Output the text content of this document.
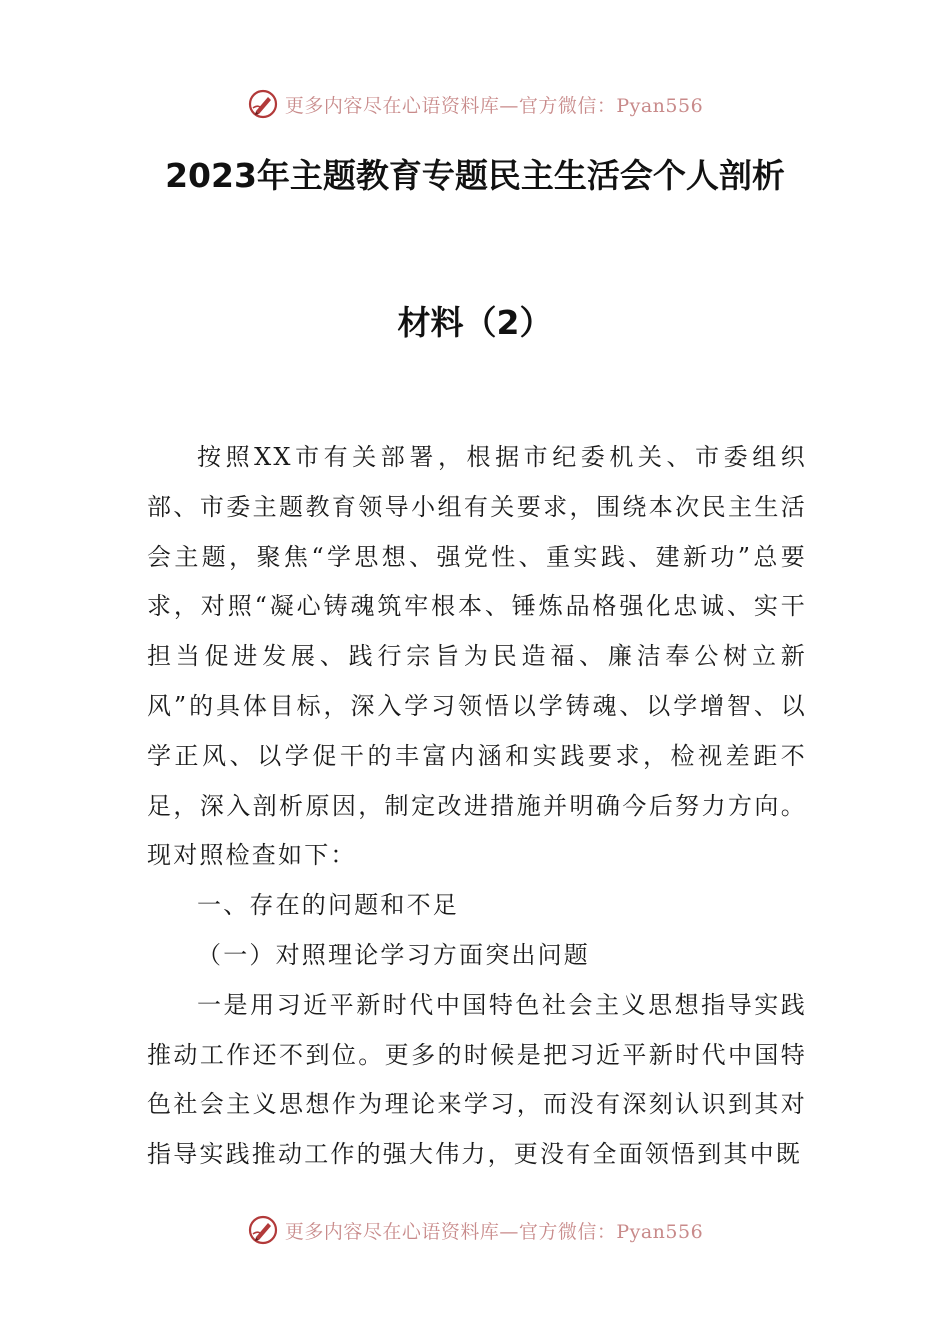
更多内容尽在心语资料库—官方微信：Pyan556
2023年主题教育专题民主生活会个人剖析
材料（2）

按照XX市有关部署，根据市纪委机关、市委组织部、市委主题教育领导小组有关要求，围绕本次民主生活会主题，聚焦“学思想、强党性、重实践、建新功”总要求，对照“凝心铸魂筑牢根本、锤炼品格强化忠诚、实干担当促进发展、践行宗旨为民造福、廉洁奉公树立新风”的具体目标，深入学习领悟以学铸魂、以学增智、以学正风、以学促干的丰富内涵和实践要求，检视差距不足，深入剖析原因，制定改进措施并明确今后努力方向。现对照检查如下：

一、存在的问题和不足

（一）对照理论学习方面突出问题

一是用习近平新时代中国特色社会主义思想指导实践推动工作还不到位。更多的时候是把习近平新时代中国特色社会主义思想作为理论来学习，而没有深刻认识到其对指导实践推动工作的强大伟力，更没有全面领悟到其中既

更多内容尽在心语资料库—官方微信：Pyan556
